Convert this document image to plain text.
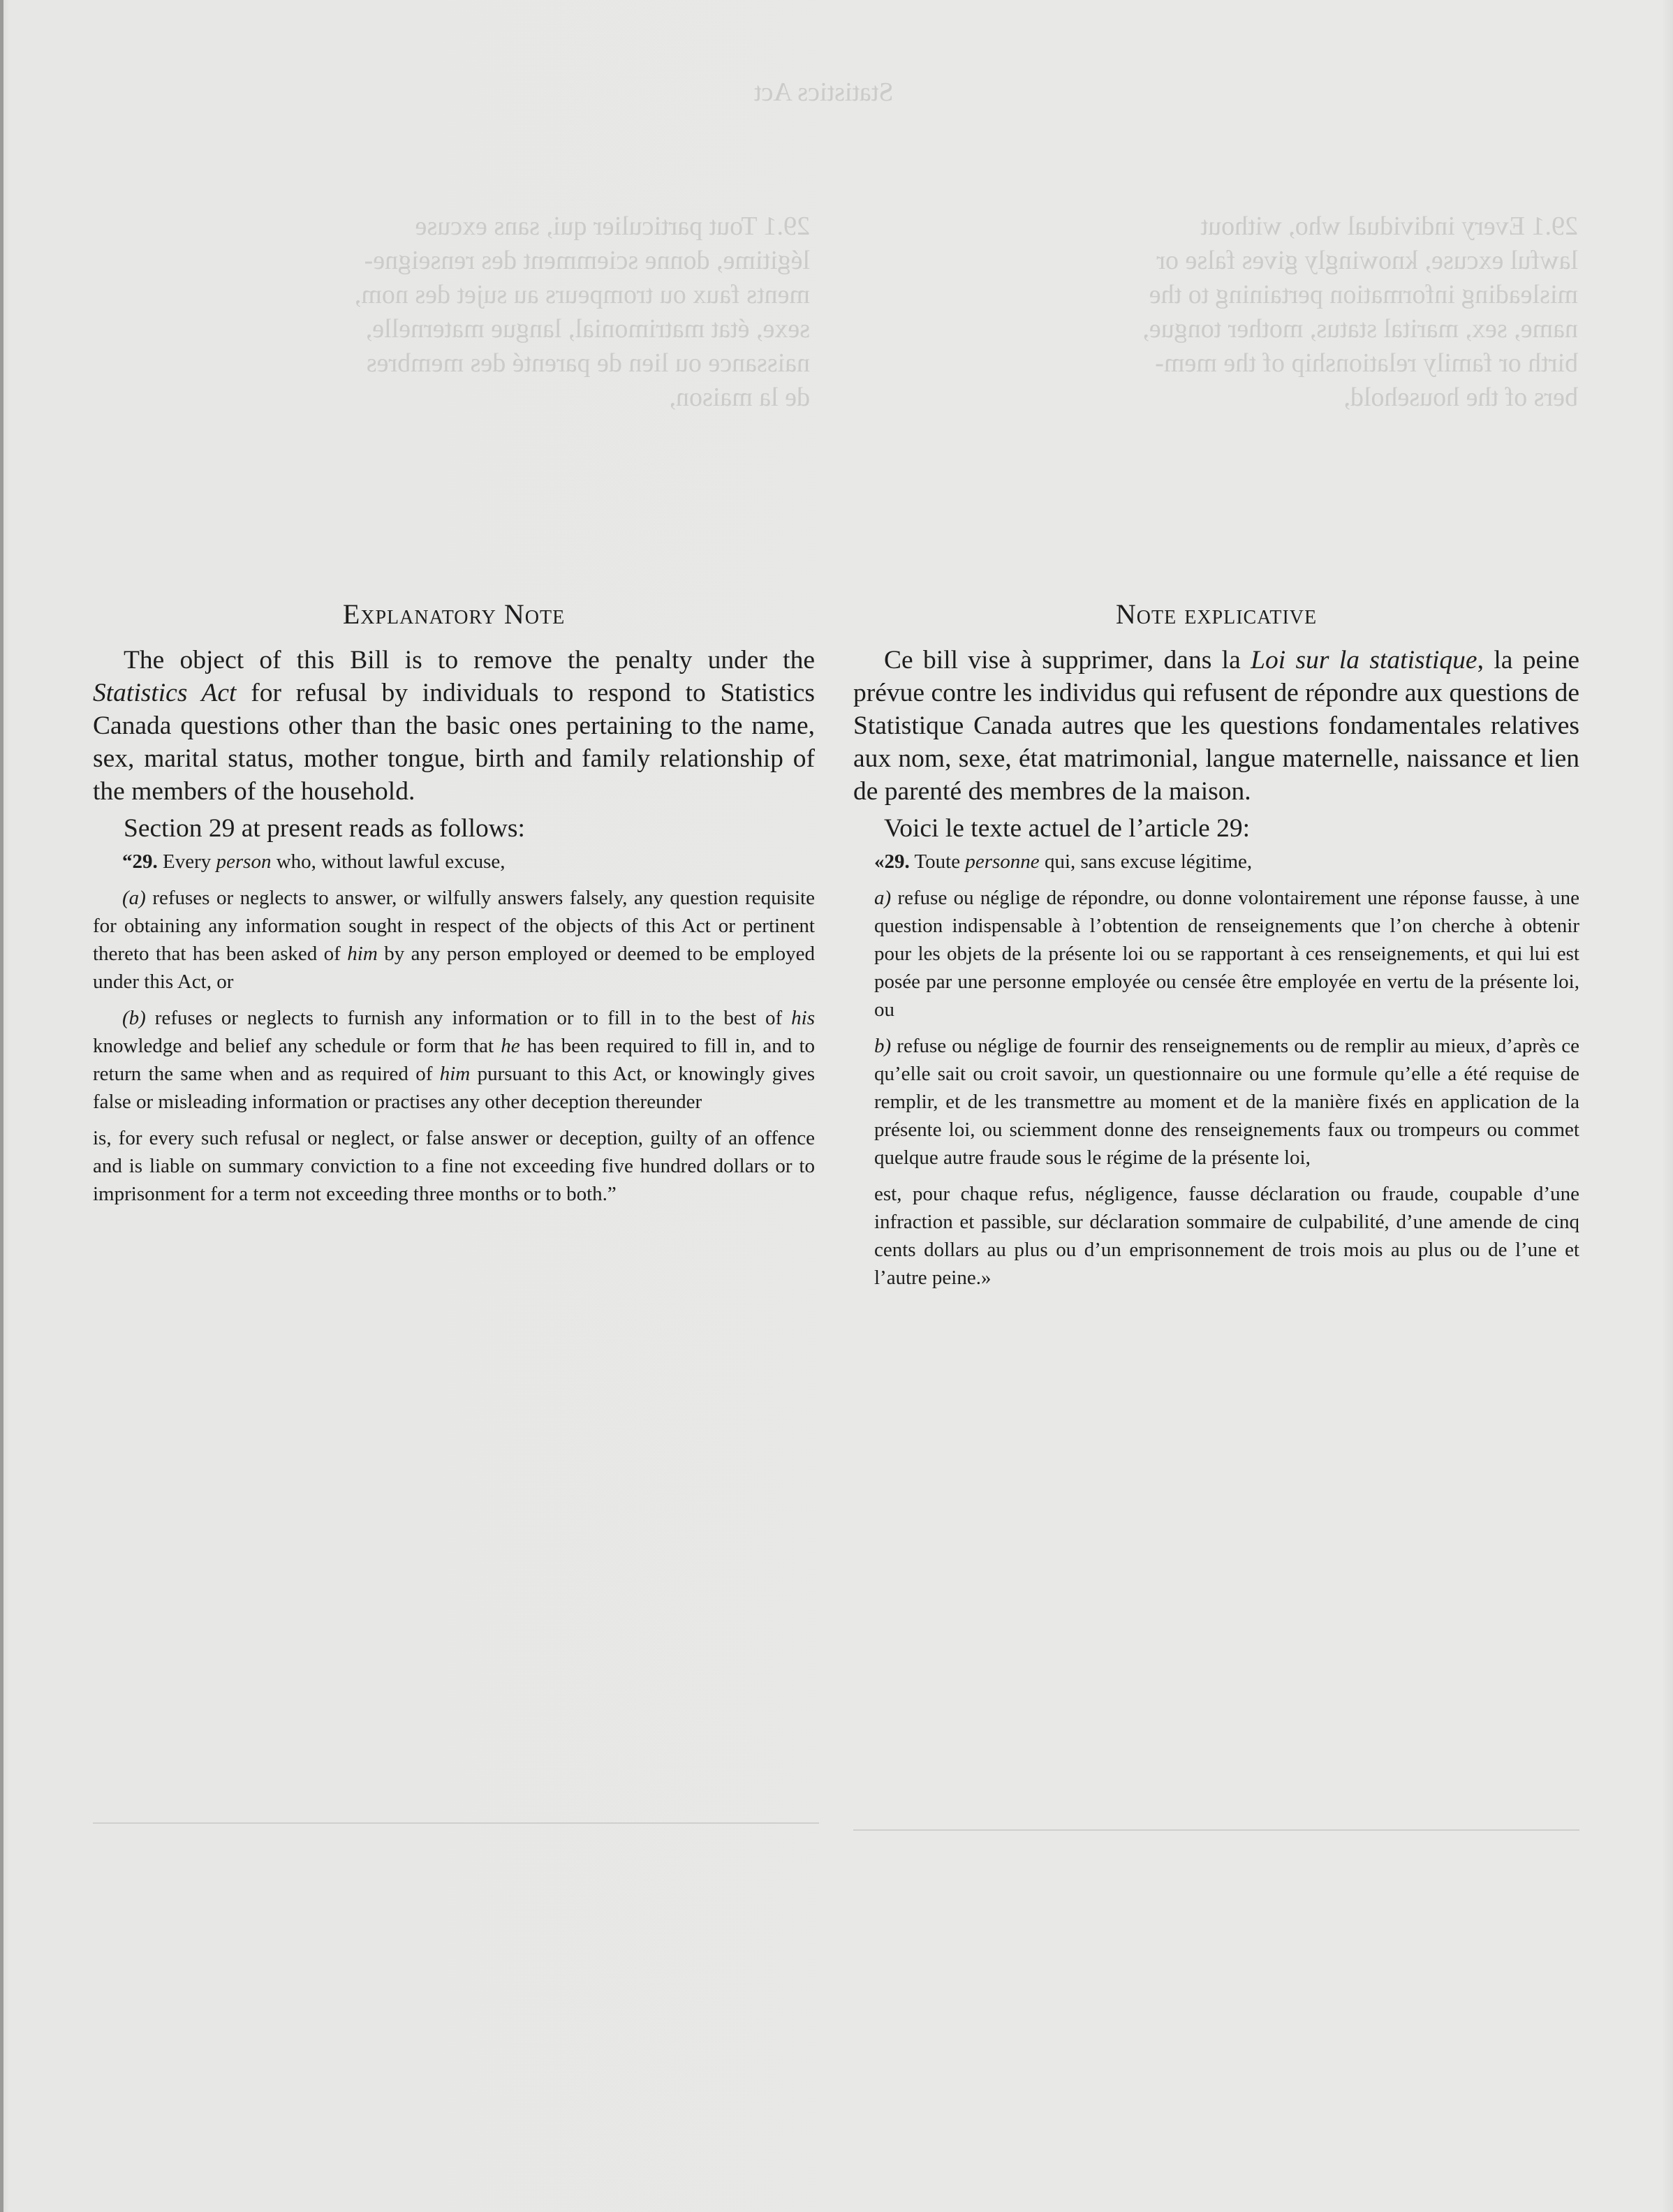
29.1 Every individual who, without
lawful excuse, knowingly gives false or
misleading information pertaining to the
name, sex, marital status, mother tongue,
birth or family relationship of the mem-
bers of the household,
29.1 Tout particulier qui, sans excuse
légitime, donne sciemment des renseigne-
ments faux ou trompeurs au sujet des nom,
sexe, état matrimonial, langue maternelle,
naissance ou lien de parenté des membres
de la maison,
Statistics Act
Explanatory Note

The object of this Bill is to remove the penalty under the Statistics Act for refusal by individuals to respond to Statistics Canada questions other than the basic ones pertaining to the name, sex, marital status, mother tongue, birth and family relationship of the members of the household.

Section 29 at present reads as follows:

“29. Every person who, without lawful excuse,

(a) refuses or neglects to answer, or wilfully answers falsely, any question requisite for obtaining any information sought in respect of the objects of this Act or pertinent thereto that has been asked of him by any person employed or deemed to be employed under this Act, or

(b) refuses or neglects to furnish any information or to fill in to the best of his knowledge and belief any schedule or form that he has been required to fill in, and to return the same when and as required of him pursuant to this Act, or knowingly gives false or misleading information or practises any other deception thereunder

is, for every such refusal or neglect, or false answer or deception, guilty of an offence and is liable on summary conviction to a fine not exceeding five hundred dollars or to imprisonment for a term not exceeding three months or to both.”

Note explicative

Ce bill vise à supprimer, dans la Loi sur la statistique, la peine prévue contre les individus qui refusent de répondre aux questions de Statistique Canada autres que les questions fondamentales relatives aux nom, sexe, état matrimonial, langue maternelle, naissance et lien de parenté des membres de la maison.

Voici le texte actuel de l’article 29:

«29. Toute personne qui, sans excuse légitime,

a) refuse ou néglige de répondre, ou donne volontairement une réponse fausse, à une question indispensable à l’obtention de renseignements que l’on cherche à obtenir pour les objets de la présente loi ou se rapportant à ces renseignements, et qui lui est posée par une personne employée ou censée être employée en vertu de la présente loi, ou

b) refuse ou néglige de fournir des renseignements ou de remplir au mieux, d’après ce qu’elle sait ou croit savoir, un questionnaire ou une formule qu’elle a été requise de remplir, et de les transmettre au moment et de la manière fixés en application de la présente loi, ou sciemment donne des renseignements faux ou trompeurs ou commet quelque autre fraude sous le régime de la présente loi,

est, pour chaque refus, négligence, fausse déclaration ou fraude, coupable d’une infraction et passible, sur déclaration sommaire de culpabilité, d’une amende de cinq cents dollars au plus ou d’un emprisonnement de trois mois au plus ou de l’une et l’autre peine.»
